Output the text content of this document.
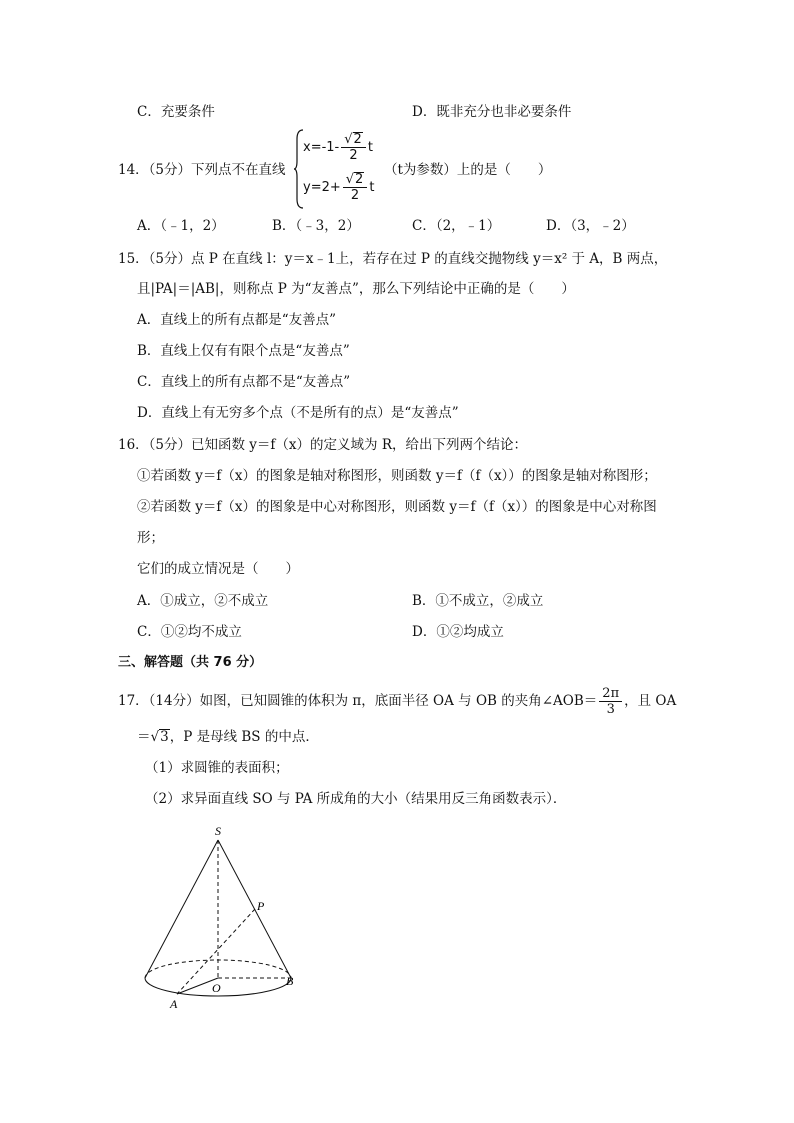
C．充要条件	D．既非充分也非必要条件
14．（5分）下列点不在直线
$x=-1- \frac{√2}{2}$ t
$y=2+ \frac{√2}{2}$ t
（t为参数）上的是（　　）
A．（﹣1，2）	B．（﹣3，2）	C．（2，﹣1）	D．（3，﹣2）
15．（5分）点 P 在直线 l：y＝x﹣1上，若存在过 P 的直线交抛物线 y＝x² 于 A，B 两点，
且|PA|＝|AB|，则称点 P 为“友善点”，那么下列结论中正确的是（　　）
A．直线上的所有点都是“友善点”
B．直线上仅有有限个点是“友善点”
C．直线上的所有点都不是“友善点”
D．直线上有无穷多个点（不是所有的点）是“友善点”
16．（5分）已知函数 y＝f（x）的定义域为 R，给出下列两个结论：
①若函数 y＝f（x）的图象是轴对称图形，则函数 y＝f（f（x））的图象是轴对称图形；
②若函数 y＝f（x）的图象是中心对称图形，则函数 y＝f（f（x））的图象是中心对称图
形；
它们的成立情况是（　　）
A．①成立，②不成立	B．①不成立，②成立
C．①②均不成立	D．①②均成立
三、解答题（共 76 分）
17．（14分）如图，已知圆锥的体积为 π，底面半径 OA 与 OB 的夹角∠AOB＝ $\frac{2\pi}{3}$ ，且 OA
＝√3，P 是母线 BS 的中点．
（1）求圆锥的表面积；
（2）求异面直线 SO 与 PA 所成角的大小（结果用反三角函数表示）．
S
P
O	B
A
